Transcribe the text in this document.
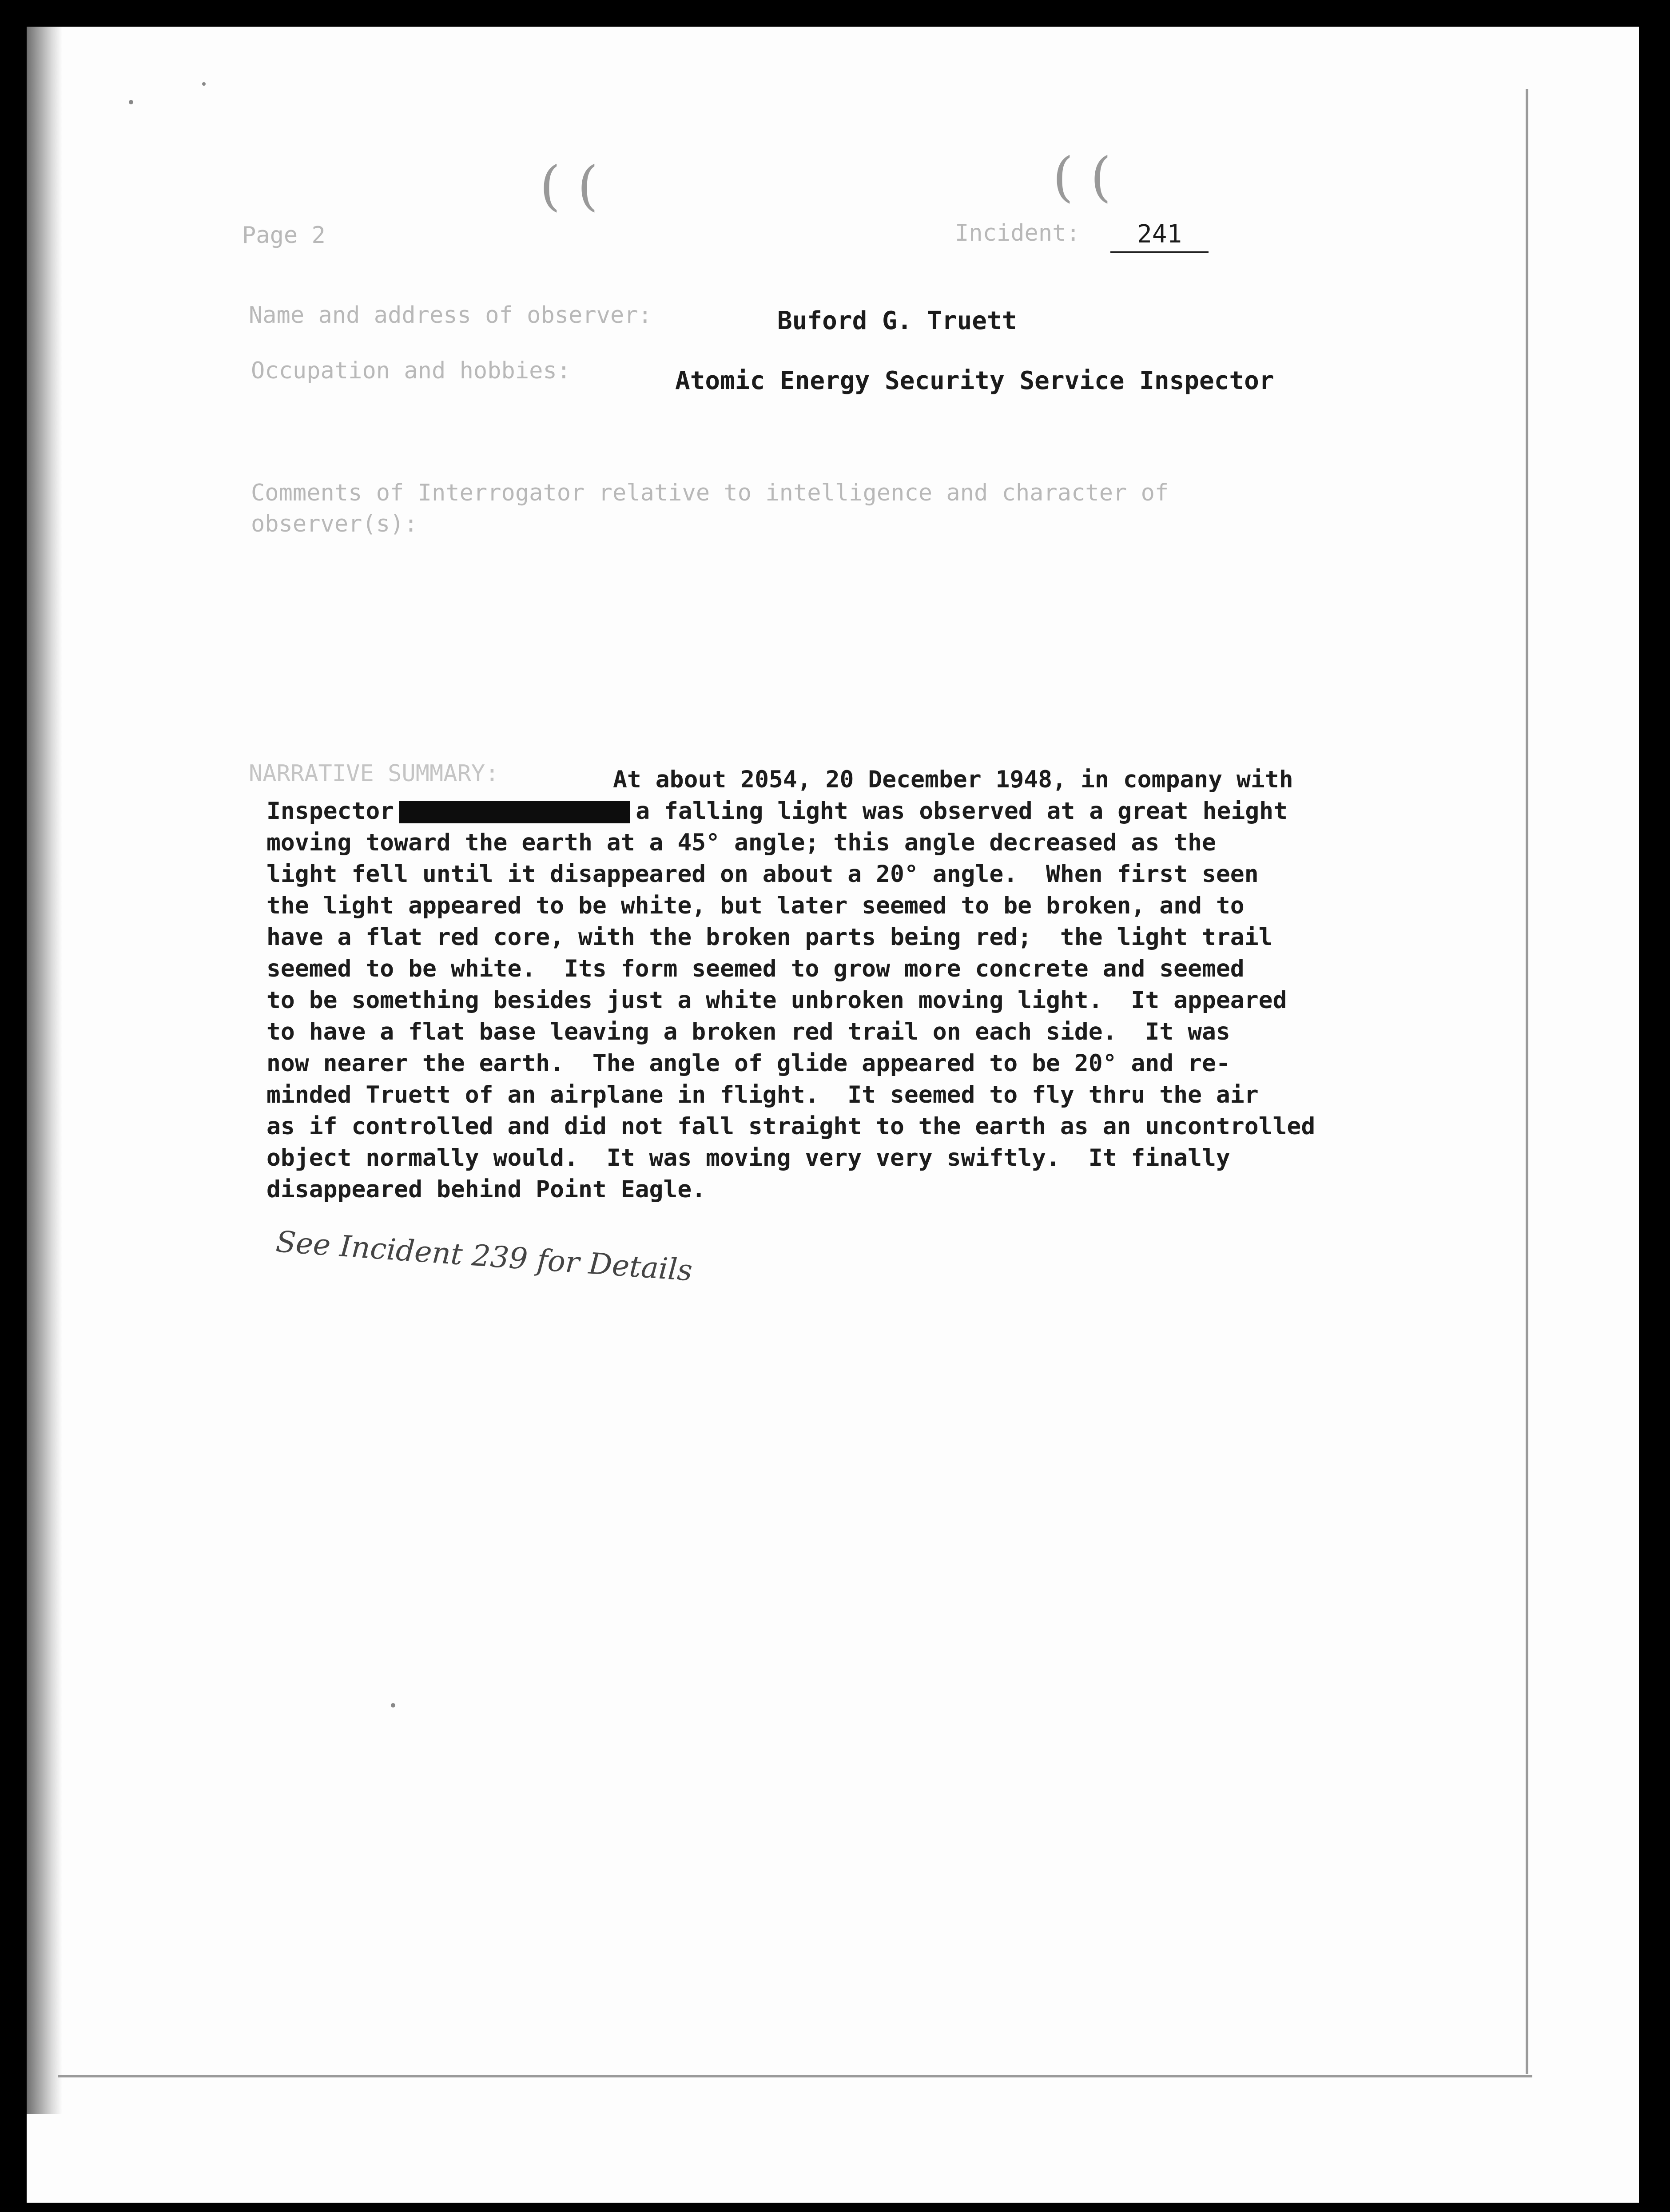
( (	( (
Page 2	Incident:	241
Name and address of observer:	Buford G. Truett
Occupation and hobbies:	Atomic Energy Security Service Inspector
Comments of Interrogator relative to intelligence and character of
observer(s):
NARRATIVE SUMMARY:	At about 2054, 20 December 1948, in company with
Inspector	a falling light was observed at a great height
moving toward the earth at a 45° angle; this angle decreased as the
light fell until it disappeared on about a 20° angle.  When first seen
the light appeared to be white, but later seemed to be broken, and to
have a flat red core, with the broken parts being red;  the light trail
seemed to be white.  Its form seemed to grow more concrete and seemed
to be something besides just a white unbroken moving light.  It appeared
to have a flat base leaving a broken red trail on each side.  It was
now nearer the earth.  The angle of glide appeared to be 20° and re-
minded Truett of an airplane in flight.  It seemed to fly thru the air
as if controlled and did not fall straight to the earth as an uncontrolled
object normally would.  It was moving very very swiftly.  It finally
disappeared behind Point Eagle.
See Incident 239 for Details
